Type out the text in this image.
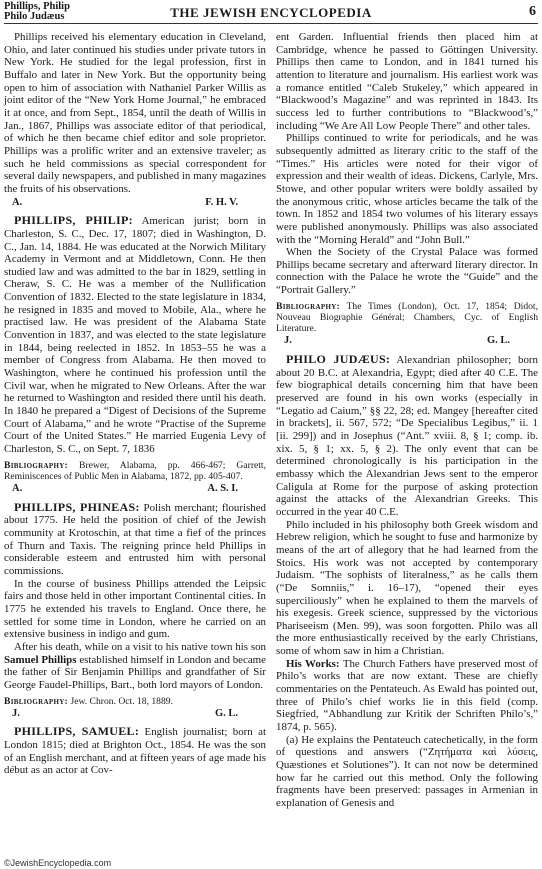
Phillips, Philip
Philo Judæus	THE JEWISH ENCYCLOPEDIA	6

Phillips received his elementary education in Cleveland, Ohio, and later continued his studies under private tutors in New York. He studied for the legal profession, first in Buffalo and later in New York. But the opportunity being open to him of association with Nathaniel Parker Willis as joint editor of the “New York Home Journal,” he embraced it at once, and from Sept., 1854, until the death of Willis in Jan., 1867, Phillips was associate editor of that periodical, of which he then became chief editor and sole proprietor. Phillips was a prolific writer and an extensive traveler; as such he held commissions as special correspondent for several daily newspapers, and published in many magazines the fruits of his observations.

A.	F. H. V.

PHILLIPS, PHILIP: American jurist; born in Charleston, S. C., Dec. 17, 1807; died in Washington, D. C., Jan. 14, 1884. He was educated at the Norwich Military Academy in Vermont and at Middletown, Conn. He then studied law and was admitted to the bar in 1829, settling in Cheraw, S. C. He was a member of the Nullification Convention of 1832. Elected to the state legislature in 1834, he resigned in 1835 and moved to Mobile, Ala., where he practised law. He was president of the Alabama State Convention in 1837, and was elected to the state legislature in 1844, being reelected in 1852. In 1853–55 he was a member of Congress from Alabama. He then moved to Washington, where he continued his profession until the Civil war, when he migrated to New Orleans. After the war he returned to Washington and resided there until his death. In 1840 he prepared a “Digest of Decisions of the Supreme Court of Alabama,” and he wrote “Practise of the Supreme Court of the United States.” He married Eugenia Levy of Charleston, S. C., on Sept. 7, 1836

Bibliography: Brewer, Alabama, pp. 466-467; Garrett, Reminiscences of Public Men in Alabama, 1872, pp. 405-407.

A.	A. S. I.

PHILLIPS, PHINEAS: Polish merchant; flourished about 1775. He held the position of chief of the Jewish community at Krotoschin, at that time a fief of the princes of Thurn and Taxis. The reigning prince held Phillips in considerable esteem and entrusted him with personal commissions.

In the course of business Phillips attended the Leipsic fairs and those held in other important Continental cities. In 1775 he extended his travels to England. Once there, he settled for some time in London, where he carried on an extensive business in indigo and gum.

After his death, while on a visit to his native town his son Samuel Phillips established himself in London and became the father of Sir Benjamin Phillips and grandfather of Sir George Faudel-Phillips, Bart., both lord mayors of London.

Bibliography: Jew. Chron. Oct. 18, 1889.

J.	G. L.

PHILLIPS, SAMUEL: English journalist; born at London 1815; died at Brighton Oct., 1854. He was the son of an English merchant, and at fifteen years of age made his début as an actor at Cov-

ent Garden. Influential friends then placed him at Cambridge, whence he passed to Göttingen University. Phillips then came to London, and in 1841 turned his attention to literature and journalism. His earliest work was a romance entitled “Caleb Stukeley,” which appeared in “Blackwood’s Magazine” and was reprinted in 1843. Its success led to further contributions to “Blackwood’s,” including “We Are All Low People There” and other tales.

Phillips continued to write for periodicals, and he was subsequently admitted as literary critic to the staff of the “Times.” His articles were noted for their vigor of expression and their wealth of ideas. Dickens, Carlyle, Mrs. Stowe, and other popular writers were boldly assailed by the anonymous critic, whose articles became the talk of the town. In 1852 and 1854 two volumes of his literary essays were published anonymously. Phillips was also associated with the “Morning Herald” and “John Bull.”

When the Society of the Crystal Palace was formed Phillips became secretary and afterward literary director. In connection with the Palace he wrote the “Guide” and the “Portrait Gallery.”

Bibliography: The Times (London), Oct. 17, 1854; Didot, Nouveau Biographie Général; Chambers, Cyc. of English Literature.

J.	G. L.

PHILO JUDÆUS: Alexandrian philosopher; born about 20 B.C. at Alexandria, Egypt; died after 40 C.E. The few biographical details concerning him that have been preserved are found in his own works (especially in “Legatio ad Caium,” §§ 22, 28; ed. Mangey [hereafter cited in brackets], ii. 567, 572; “De Specialibus Legibus,” ii. 1 [ii. 299]) and in Josephus (“Ant.” xviii. 8, § 1; comp. ib. xix. 5, § 1; xx. 5, § 2). The only event that can be determined chronologically is his participation in the embassy which the Alexandrian Jews sent to the emperor Caligula at Rome for the purpose of asking protection against the attacks of the Alexandrian Greeks. This occurred in the year 40 C.E.

Philo included in his philosophy both Greek wisdom and Hebrew religion, which he sought to fuse and harmonize by means of the art of allegory that he had learned from the Stoics. His work was not accepted by contemporary Judaism. “The sophists of literalness,” as he calls them (“De Somniis,” i. 16–17), “opened their eyes superciliously” when he explained to them the marvels of his exegesis. Greek science, suppressed by the victorious Phariseeism (Men. 99), was soon forgotten. Philo was all the more enthusiastically received by the early Christians, some of whom saw in him a Christian.

His Works: The Church Fathers have preserved most of Philo’s works that are now extant. These are chiefly commentaries on the Pentateuch. As Ewald has pointed out, three of Philo’s chief works lie in this field (comp. Siegfried, “Abhandlung zur Kritik der Schriften Philo’s,” 1874, p. 565).

(a) He explains the Pentateuch catechetically, in the form of questions and answers (“Ζητήματα καὶ λύσεις, Quæstiones et Solutiones”). It can not now be determined how far he carried out this method. Only the following fragments have been preserved: passages in Armenian in explanation of Genesis and

©JewishEncyclopedia.com
